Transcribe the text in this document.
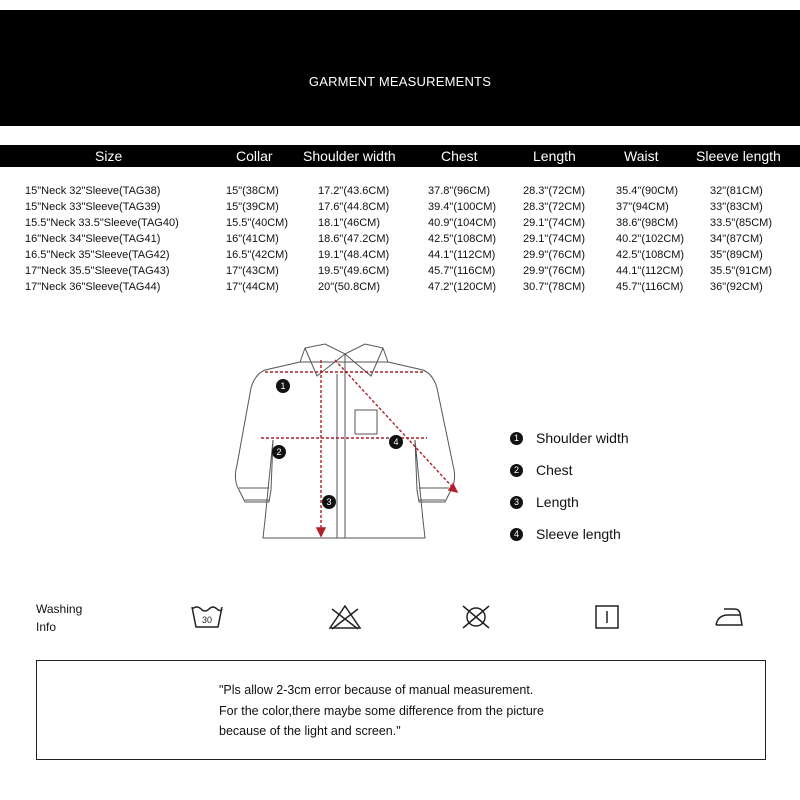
GARMENT MEASUREMENTS
Size	Collar Shoulder width	Chest	Length	Waist	Sleeve length
15"Neck 32"Sleeve(TAG38)	15"(38CM)	17.2"(43.6CM)	37.8"(96CM)	28.3"(72CM)	35.4"(90CM)	32"(81CM)
15"Neck 33"Sleeve(TAG39)	15"(39CM)	17.6"(44.8CM)	39.4"(100CM) 28.3"(72CM)	37"(94CM)	33"(83CM)
15.5"Neck 33.5"Sleeve(TAG40)	15.5"(40CM)	18.1"(46CM)	40.9"(104CM) 29.1"(74CM)	38.6"(98CM)	33.5"(85CM)
16"Neck 34"Sleeve(TAG41)	16"(41CM)	18.6"(47.2CM)	42.5"(108CM) 29.1"(74CM)	40.2"(102CM) 34"(87CM)
16.5"Neck 35"Sleeve(TAG42)	16.5"(42CM)	19.1"(48.4CM)	44.1"(112CM)	29.9"(76CM)	42.5"(108CM) 35"(89CM)
17"Neck 35.5"Sleeve(TAG43)	17"(43CM)	19.5"(49.6CM)	45.7"(116CM)	29.9"(76CM)	44.1"(112CM) 35.5"(91CM)
17"Neck 36"Sleeve(TAG44)	17"(44CM)	20"(50.8CM)	47.2"(120CM) 30.7"(78CM)	45.7"(116CM) 36"(92CM)
1
2
3
4	1 Shoulder width
2 Chest
3 Length
4 Sleeve length
Washing
Info	30
"Pls allow 2-3cm error because of manual measurement.
For the color,there maybe some difference from the picture
because of the light and screen."
